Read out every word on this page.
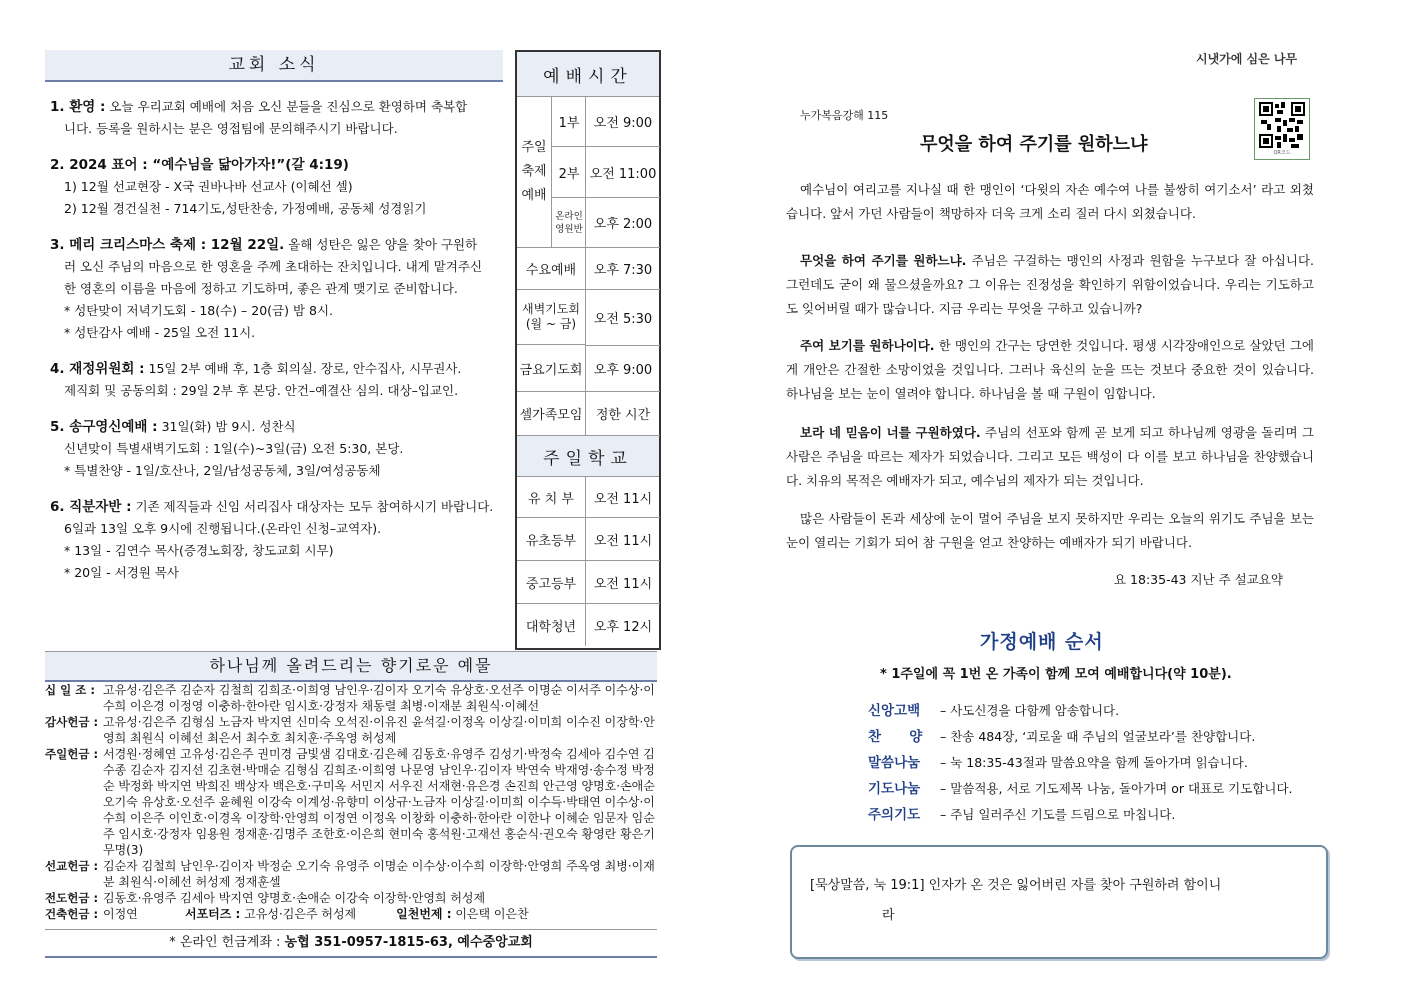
교회 소식
1. 환영 : 오늘 우리교회 예배에 처음 오신 분들을 진심으로 환영하며 축복합
니다. 등록을 원하시는 분은 영접팀에 문의해주시기 바랍니다.
2. 2024 표어 : “예수님을 닮아가자!”(갈 4:19)
1) 12월 선교현장 - X국 권바나바 선교사 (이혜선 셀)
2) 12월 경건실천 - 714기도,성탄찬송, 가정예배, 공동체 성경읽기
3. 메리 크리스마스 축제 : 12월 22일. 올해 성탄은 잃은 양을 찾아 구원하
러 오신 주님의 마음으로 한 영혼을 주께 초대하는 잔치입니다. 내게 맡겨주신
한 영혼의 이름을 마음에 정하고 기도하며, 좋은 관계 맺기로 준비합니다.
* 성탄맞이 저녁기도회 - 18(수) – 20(금) 밤 8시.
* 성탄감사 예배 - 25일 오전 11시.
4. 재정위원회 : 15일 2부 예배 후, 1층 회의실. 장로, 안수집사, 시무권사.
제직회 및 공동의회 : 29일 2부 후 본당. 안건–예결산 심의. 대상–입교인.
5. 송구영신예배 : 31일(화) 밤 9시. 성찬식
신년맞이 특별새벽기도회 : 1일(수)~3일(금) 오전 5:30, 본당.
* 특별찬양 - 1일/호산나, 2일/남성공동체, 3일/여성공동체
6. 직분자반 : 기존 제직들과 신임 서리집사 대상자는 모두 참여하시기 바랍니다.
6일과 13일 오후 9시에 진행됩니다.(온라인 신청–교역자).
* 13일 - 김연수 목사(증경노회장, 창도교회 시무)
* 20일 - 서경원 목사
예배시간
주일
축제
예배
1부	오전 9:00
2부 오전 11:00
온라인 영원반 오후 2:00
수요예배	오후 7:30
새벽기도회 (월 ~ 금)	오전 5:30
금요기도회 오후 9:00
셀가족모임	정한 시간
주일학교
유 치 부	오전 11시
유초등부	오전 11시
중고등부	오전 11시
대학청년	오후 12시
하나님께 올려드리는 향기로운 예물
십 일 조 : 고유성·김은주 김순자 김철희 김희조·이희영 남인우·김이자 오기숙 유상호·오선주 이명순 이서주 이수상·이수희 이은경 이정영 이충하·한아란 임시호·강정자 채동렬 최병·이재분 최원식·이혜선
감사헌금 : 고유성·김은주 김형심 노금자 박지연 신미숙 오석진·이유진 윤석길·이정옥 이상길·이미희 이수진 이장학·안영희 최원식 이혜선 최은서 최수호 최치훈·주옥영 허성제
주일헌금 : 서경원·정혜연 고유성·김은주 권미경 금빛샘 김대호·김은혜 김동호·유영주 김성기·박정숙 김세아 김수연 김수종 김순자 김지선 김초현·박매순 김형심 김희조·이희영 나문영 남인우·김이자 박연숙 박재영·송수정 박정순 박정화 박지연 박희진 백상자 백은호·구미옥 서민지 서우진 서재현·유은경 손진희 안근영 양명호·손애순 오기숙 유상호·오선주 윤혜원 이강숙 이계성·유향미 이상규·노금자 이상길·이미희 이수득·박태연 이수상·이수희 이은주 이인호·이경옥 이장학·안영희 이정연 이정옥 이창화 이충하·한아란 이한나 이혜순 임문자 임순주 임시호·강정자 임용원 정재훈·김명주 조한호·이은희 현미숙 홍석원·고재선 홍순식·권오숙 황영란 황은기 무명(3)
선교헌금 : 김순자 김철희 남인우·김이자 박정순 오기숙 유영주 이명순 이수상·이수희 이장학·안영희 주옥영 최병·이재분 최원식·이혜선 허성제 정재훈셀
전도헌금 : 김동호·유영주 김세아 박지연 양명호·손애순 이강숙 이장학·안영희 허성제
건축헌금 : 이정연	서포터즈 :
고유성·김은주 허성제	일천번제 :
이은택 이은찬
* 온라인 헌금계좌 : 농협 351-0957-1815-63, 예수중앙교회
시냇가에 심은 나무
누가복음강해 115
무엇을 하여 주기를 원하느냐	QR코드
예수님이 여리고를 지나실 때 한 맹인이 ‘다윗의 자손 예수여 나를 불쌍히 여기소서’ 라고 외쳤습니다. 앞서 가던 사람들이 책망하자 더욱 크게 소리 질러 다시 외쳤습니다.
무엇을 하여 주기를 원하느냐. 주님은 구걸하는 맹인의 사정과 원함을 누구보다 잘 아십니다. 그런데도 굳이 왜 물으셨을까요? 그 이유는 진정성을 확인하기 위함이었습니다. 우리는 기도하고도 잊어버릴 때가 많습니다. 지금 우리는 무엇을 구하고 있습니까?
주여 보기를 원하나이다. 한 맹인의 간구는 당연한 것입니다. 평생 시각장애인으로 살았던 그에게 개안은 간절한 소망이었을 것입니다. 그러나 육신의 눈을 뜨는 것보다 중요한 것이 있습니다. 하나님을 보는 눈이 열려야 합니다. 하나님을 볼 때 구원이 임합니다.
보라 네 믿음이 너를 구원하였다. 주님의 선포와 함께 곧 보게 되고 하나님께 영광을 돌리며 그 사람은 주님을 따르는 제자가 되었습니다. 그리고 모든 백성이 다 이를 보고 하나님을 찬양했습니다. 치유의 목적은 예배자가 되고, 예수님의 제자가 되는 것입니다.
많은 사람들이 돈과 세상에 눈이 멀어 주님을 보지 못하지만 우리는 오늘의 위기도 주님을 보는 눈이 열리는 기회가 되어 참 구원을 얻고 찬양하는 예배자가 되기 바랍니다.
요 18:35-43 지난 주 설교요약
가정예배 순서
* 1주일에 꼭 1번 온 가족이 함께 모여 예배합니다(약 10분).
신앙고백 – 사도신경을 다함께 암송합니다.
찬      양 – 찬송 484장, ‘괴로울 때 주님의 얼굴보라’를 찬양합니다.
말씀나눔 – 눅 18:35-43절과 말씀요약을 함께 돌아가며 읽습니다.
기도나눔 – 말씀적용, 서로 기도제목 나눔, 돌아가며 or 대표로 기도합니다.
주의기도 – 주님 일러주신 기도를 드림으로 마칩니다.
[묵상말씀, 눅 19:1] 인자가 온 것은 잃어버린 자를 찾아 구원하려 함이니
라
